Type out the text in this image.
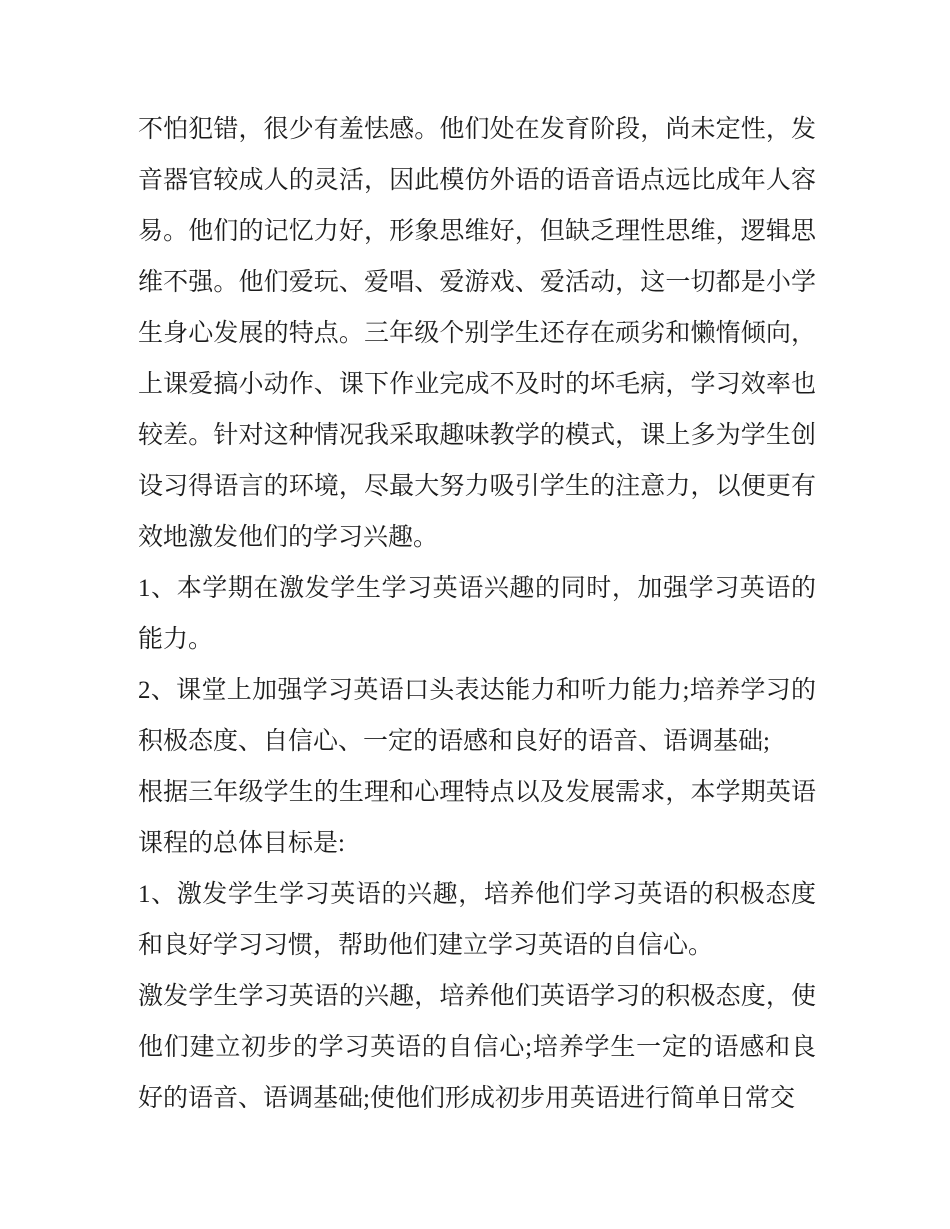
不怕犯错，很少有羞怯感。他们处在发育阶段，尚未定性，发
音器官较成人的灵活，因此模仿外语的语音语点远比成年人容
易。他们的记忆力好，形象思维好，但缺乏理性思维，逻辑思
维不强。他们爱玩、爱唱、爱游戏、爱活动，这一切都是小学
生身心发展的特点。三年级个别学生还存在顽劣和懒惰倾向，
上课爱搞小动作、课下作业完成不及时的坏毛病，学习效率也
较差。针对这种情况我采取趣味教学的模式，课上多为学生创
设习得语言的环境，尽最大努力吸引学生的注意力，以便更有
效地激发他们的学习兴趣。
1、本学期在激发学生学习英语兴趣的同时，加强学习英语的
能力。
2、课堂上加强学习英语口头表达能力和听力能力;培养学习的
积极态度、自信心、一定的语感和良好的语音、语调基础;
根据三年级学生的生理和心理特点以及发展需求，本学期英语
课程的总体目标是:
1、激发学生学习英语的兴趣，培养他们学习英语的积极态度
和良好学习习惯，帮助他们建立学习英语的自信心。
激发学生学习英语的兴趣，培养他们英语学习的积极态度，使
他们建立初步的学习英语的自信心;培养学生一定的语感和良
好的语音、语调基础;使他们形成初步用英语进行简单日常交
